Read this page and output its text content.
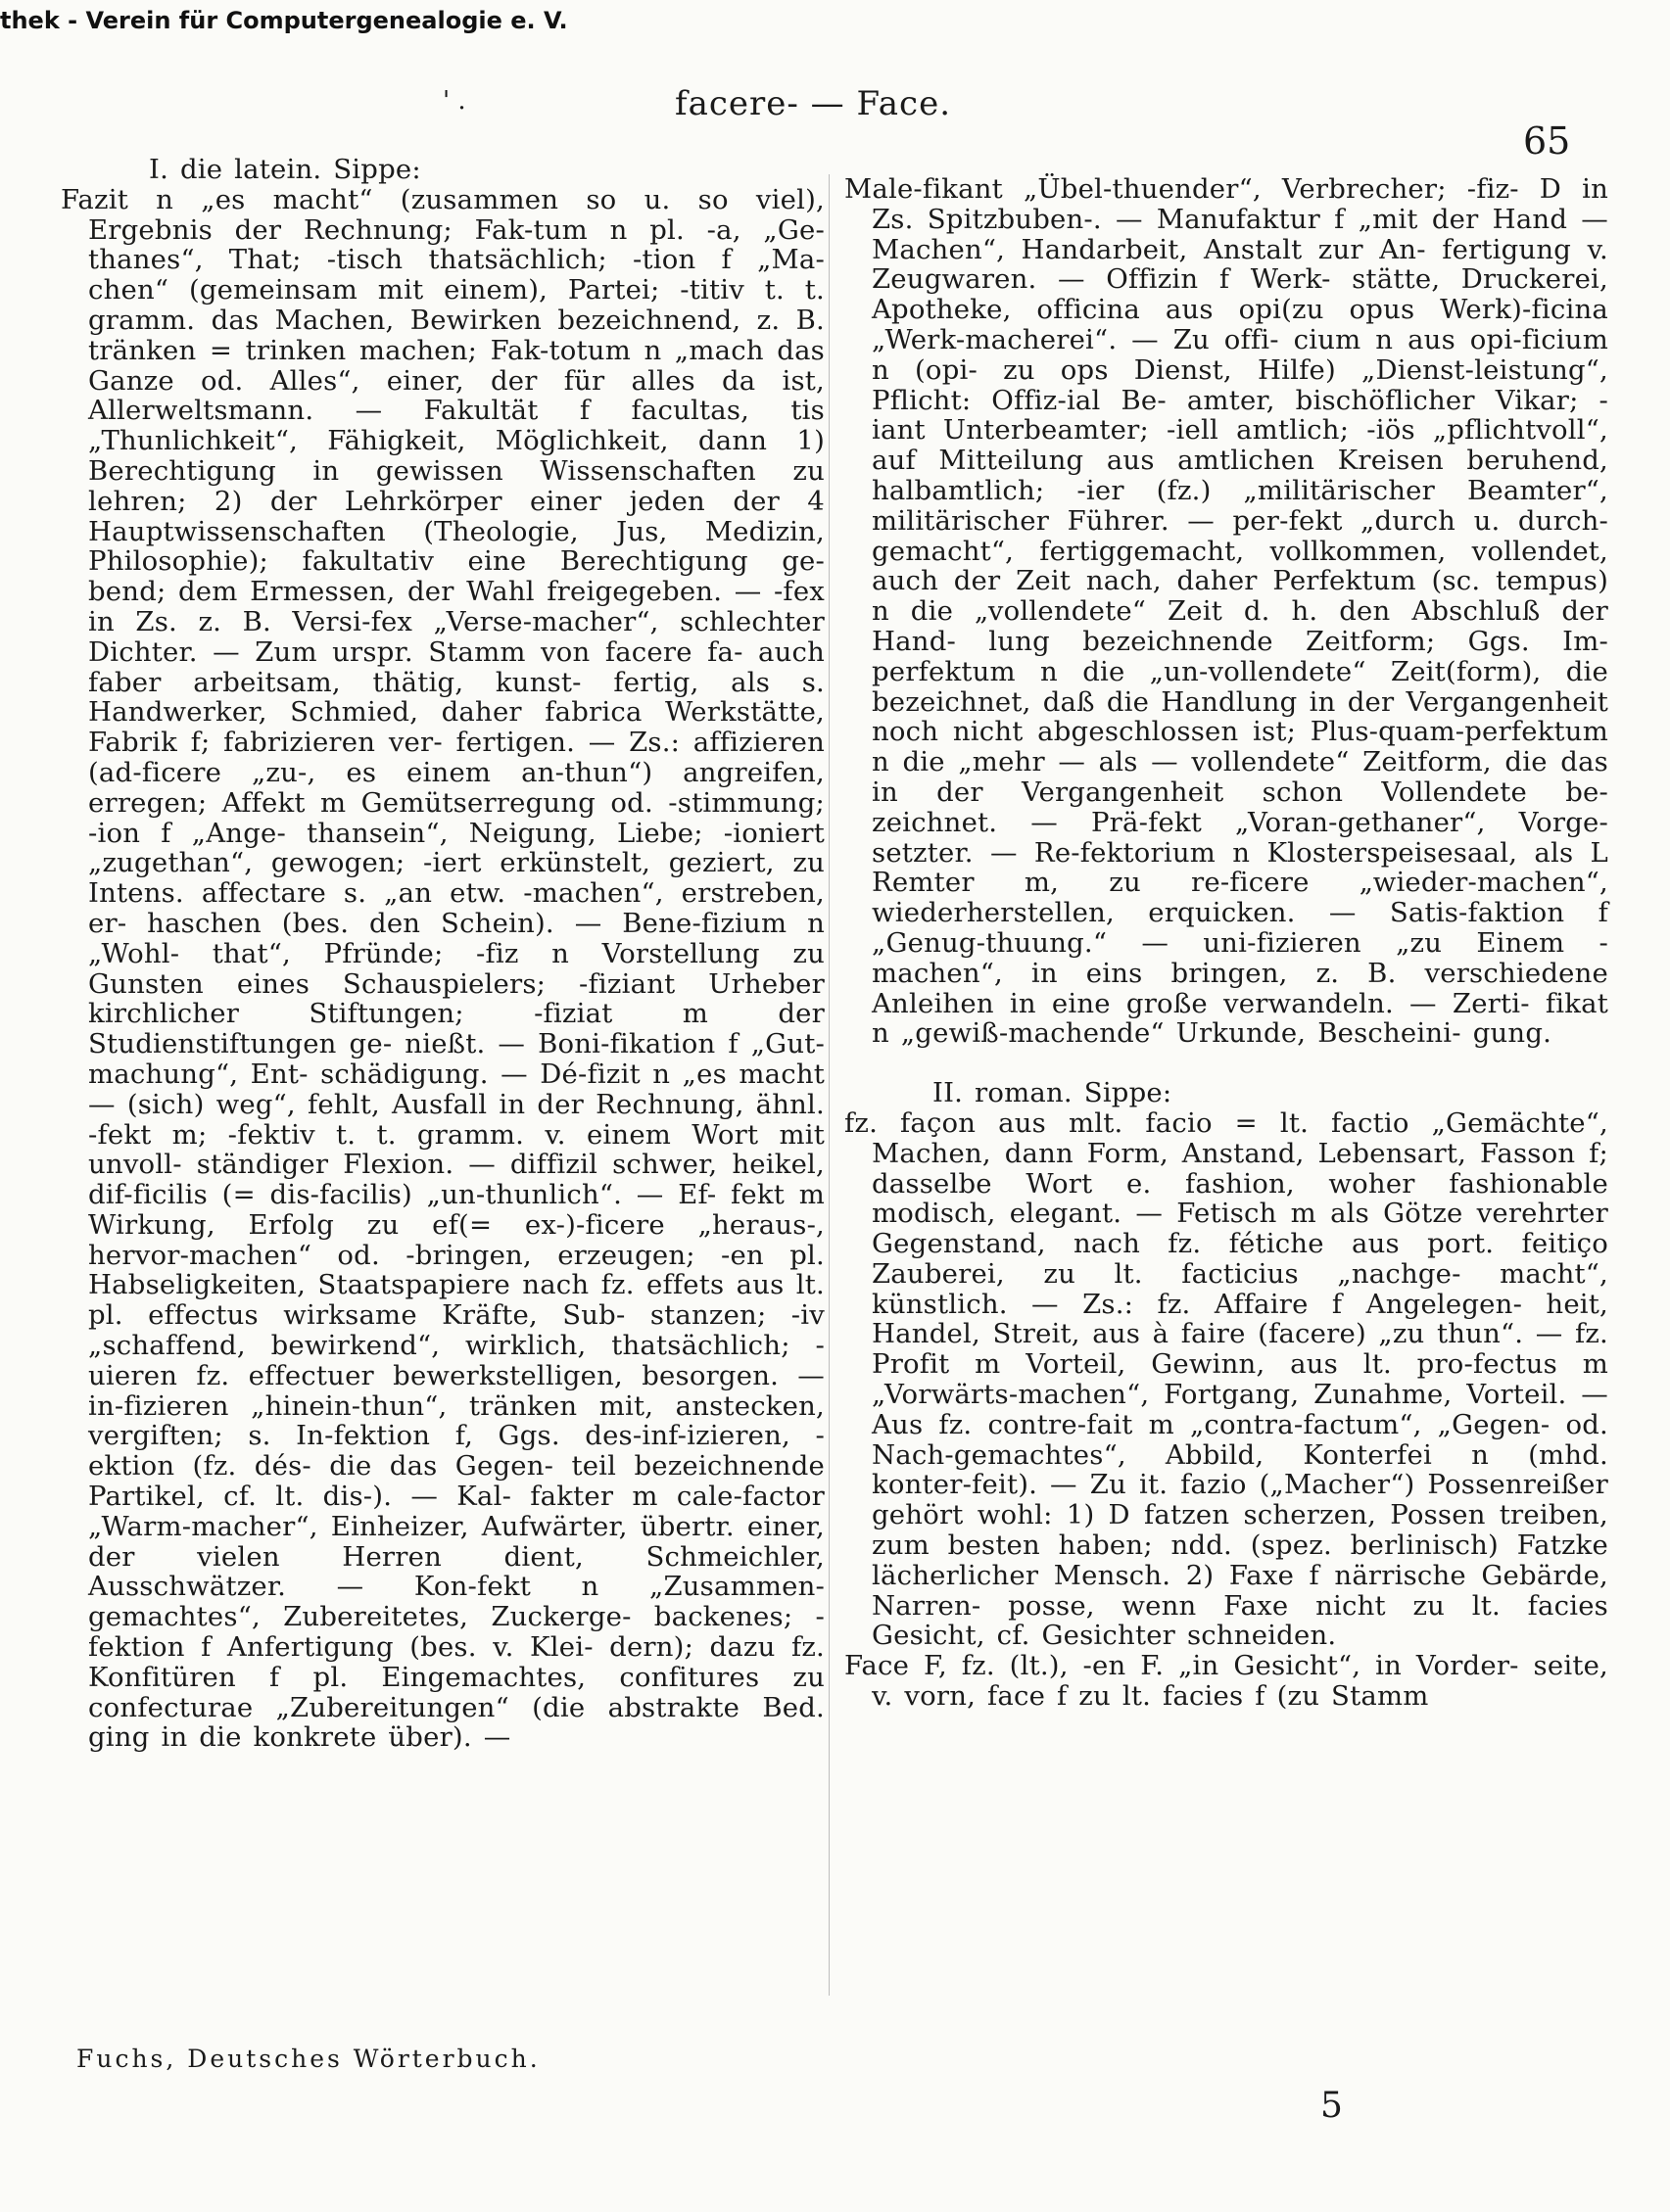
thek - Verein für Computergenealogie e. V.
' .	facere- — Face.
65

I. die latein. Sippe:

Fazit n „es macht“ (zusammen so u. so viel), Ergebnis der Rechnung; Fak-tum n pl. -a, „Ge- thanes“, That; -tisch thatsächlich; -tion f „Ma- chen“ (gemeinsam mit einem), Partei; -titiv t. t. gramm. das Machen, Bewirken bezeichnend, z. B. tränken = trinken machen; Fak-totum n „mach das Ganze od. Alles“, einer, der für alles da ist, Allerweltsmann. — Fakultät f facultas, tis „Thunlichkeit“, Fähigkeit, Möglichkeit, dann 1) Berechtigung in gewissen Wissenschaften zu lehren; 2) der Lehrkörper einer jeden der 4 Hauptwissenschaften (Theologie, Jus, Medizin, Philosophie); fakultativ eine Berechtigung ge- bend; dem Ermessen, der Wahl freigegeben. — -fex in Zs. z. B. Versi-fex „Verse-macher“, schlechter Dichter. — Zum urspr. Stamm von facere fa- auch faber arbeitsam, thätig, kunst- fertig, als s. Handwerker, Schmied, daher fabrica Werkstätte, Fabrik f; fabrizieren ver- fertigen. — Zs.: affizieren (ad-ficere „zu-, es einem an-thun“) angreifen, erregen; Affekt m Gemütserregung od. -stimmung; -ion f „Ange- thansein“, Neigung, Liebe; -ioniert „zugethan“, gewogen; -iert erkünstelt, geziert, zu Intens. affectare s. „an etw. -machen“, erstreben, er- haschen (bes. den Schein). — Bene-fizium n „Wohl- that“, Pfründe; -fiz n Vorstellung zu Gunsten eines Schauspielers; -fiziant Urheber kirchlicher Stiftungen; -fiziat m der Studienstiftungen ge- nießt. — Boni-fikation f „Gut-machung“, Ent- schädigung. — Dé-fizit n „es macht — (sich) weg“, fehlt, Ausfall in der Rechnung, ähnl. -fekt m; -fektiv t. t. gramm. v. einem Wort mit unvoll- ständiger Flexion. — diffizil schwer, heikel, dif-ficilis (= dis-facilis) „un-thunlich“. — Ef- fekt m Wirkung, Erfolg zu ef(= ex-)-ficere „heraus-, hervor-machen“ od. -bringen, erzeugen; -en pl. Habseligkeiten, Staatspapiere nach fz. effets aus lt. pl. effectus wirksame Kräfte, Sub- stanzen; -iv „schaffend, bewirkend“, wirklich, thatsächlich; -uieren fz. effectuer bewerkstelligen, besorgen. — in-fizieren „hinein-thun“, tränken mit, anstecken, vergiften; s. In-fektion f, Ggs. des-inf-izieren, -ektion (fz. dés- die das Gegen- teil bezeichnende Partikel, cf. lt. dis-). — Kal- fakter m cale-factor „Warm-macher“, Einheizer, Aufwärter, übertr. einer, der vielen Herren dient, Schmeichler, Ausschwätzer. — Kon-fekt n „Zusammen-gemachtes“, Zubereitetes, Zuckerge- backenes; -fektion f Anfertigung (bes. v. Klei- dern); dazu fz. Konfitüren f pl. Eingemachtes, confitures zu confecturae „Zubereitungen“ (die abstrakte Bed. ging in die konkrete über). —

Male-fikant „Übel-thuender“, Verbrecher; -fiz- D in Zs. Spitzbuben-. — Manufaktur f „mit der Hand — Machen“, Handarbeit, Anstalt zur An- fertigung v. Zeugwaren. — Offizin f Werk- stätte, Druckerei, Apotheke, officina aus opi(zu opus Werk)-ficina „Werk-macherei“. — Zu offi- cium n aus opi-ficium n (opi- zu ops Dienst, Hilfe) „Dienst-leistung“, Pflicht: Offiz-ial Be- amter, bischöflicher Vikar; -iant Unterbeamter; -iell amtlich; -iös „pflichtvoll“, auf Mitteilung aus amtlichen Kreisen beruhend, halbamtlich; -ier (fz.) „militärischer Beamter“, militärischer Führer. — per-fekt „durch u. durch-gemacht“, fertiggemacht, vollkommen, vollendet, auch der Zeit nach, daher Perfektum (sc. tempus) n die „vollendete“ Zeit d. h. den Abschluß der Hand- lung bezeichnende Zeitform; Ggs. Im-perfektum n die „un-vollendete“ Zeit(form), die bezeichnet, daß die Handlung in der Vergangenheit noch nicht abgeschlossen ist; Plus-quam-perfektum n die „mehr — als — vollendete“ Zeitform, die das in der Vergangenheit schon Vollendete be- zeichnet. — Prä-fekt „Voran-gethaner“, Vorge- setzter. — Re-fektorium n Klosterspeisesaal, als L Remter m, zu re-ficere „wieder-machen“, wiederherstellen, erquicken. — Satis-faktion f „Genug-thuung.“ — uni-fizieren „zu Einem -machen“, in eins bringen, z. B. verschiedene Anleihen in eine große verwandeln. — Zerti- fikat n „gewiß-machende“ Urkunde, Bescheini- gung.

II. roman. Sippe:

fz. façon aus mlt. facio = lt. factio „Gemächte“, Machen, dann Form, Anstand, Lebensart, Fasson f; dasselbe Wort e. fashion, woher fashionable modisch, elegant. — Fetisch m als Götze verehrter Gegenstand, nach fz. fétiche aus port. feitiço Zauberei, zu lt. facticius „nachge- macht“, künstlich. — Zs.: fz. Affaire f Angelegen- heit, Handel, Streit, aus à faire (facere) „zu thun“. — fz. Profit m Vorteil, Gewinn, aus lt. pro-fectus m „Vorwärts-machen“, Fortgang, Zunahme, Vorteil. — Aus fz. contre-fait m „contra-factum“, „Gegen- od. Nach-gemachtes“, Abbild, Konterfei n (mhd. konter-feit). — Zu it. fazio („Macher“) Possenreißer gehört wohl: 1) D fatzen scherzen, Possen treiben, zum besten haben; ndd. (spez. berlinisch) Fatzke lächerlicher Mensch. 2) Faxe f närrische Gebärde, Narren- posse, wenn Faxe nicht zu lt. facies Gesicht, cf. Gesichter schneiden.

Face F, fz. (lt.), -en F. „in Gesicht“, in Vorder- seite, v. vorn, face f zu lt. facies f (zu Stamm

Fuchs, Deutsches Wörterbuch.
5
